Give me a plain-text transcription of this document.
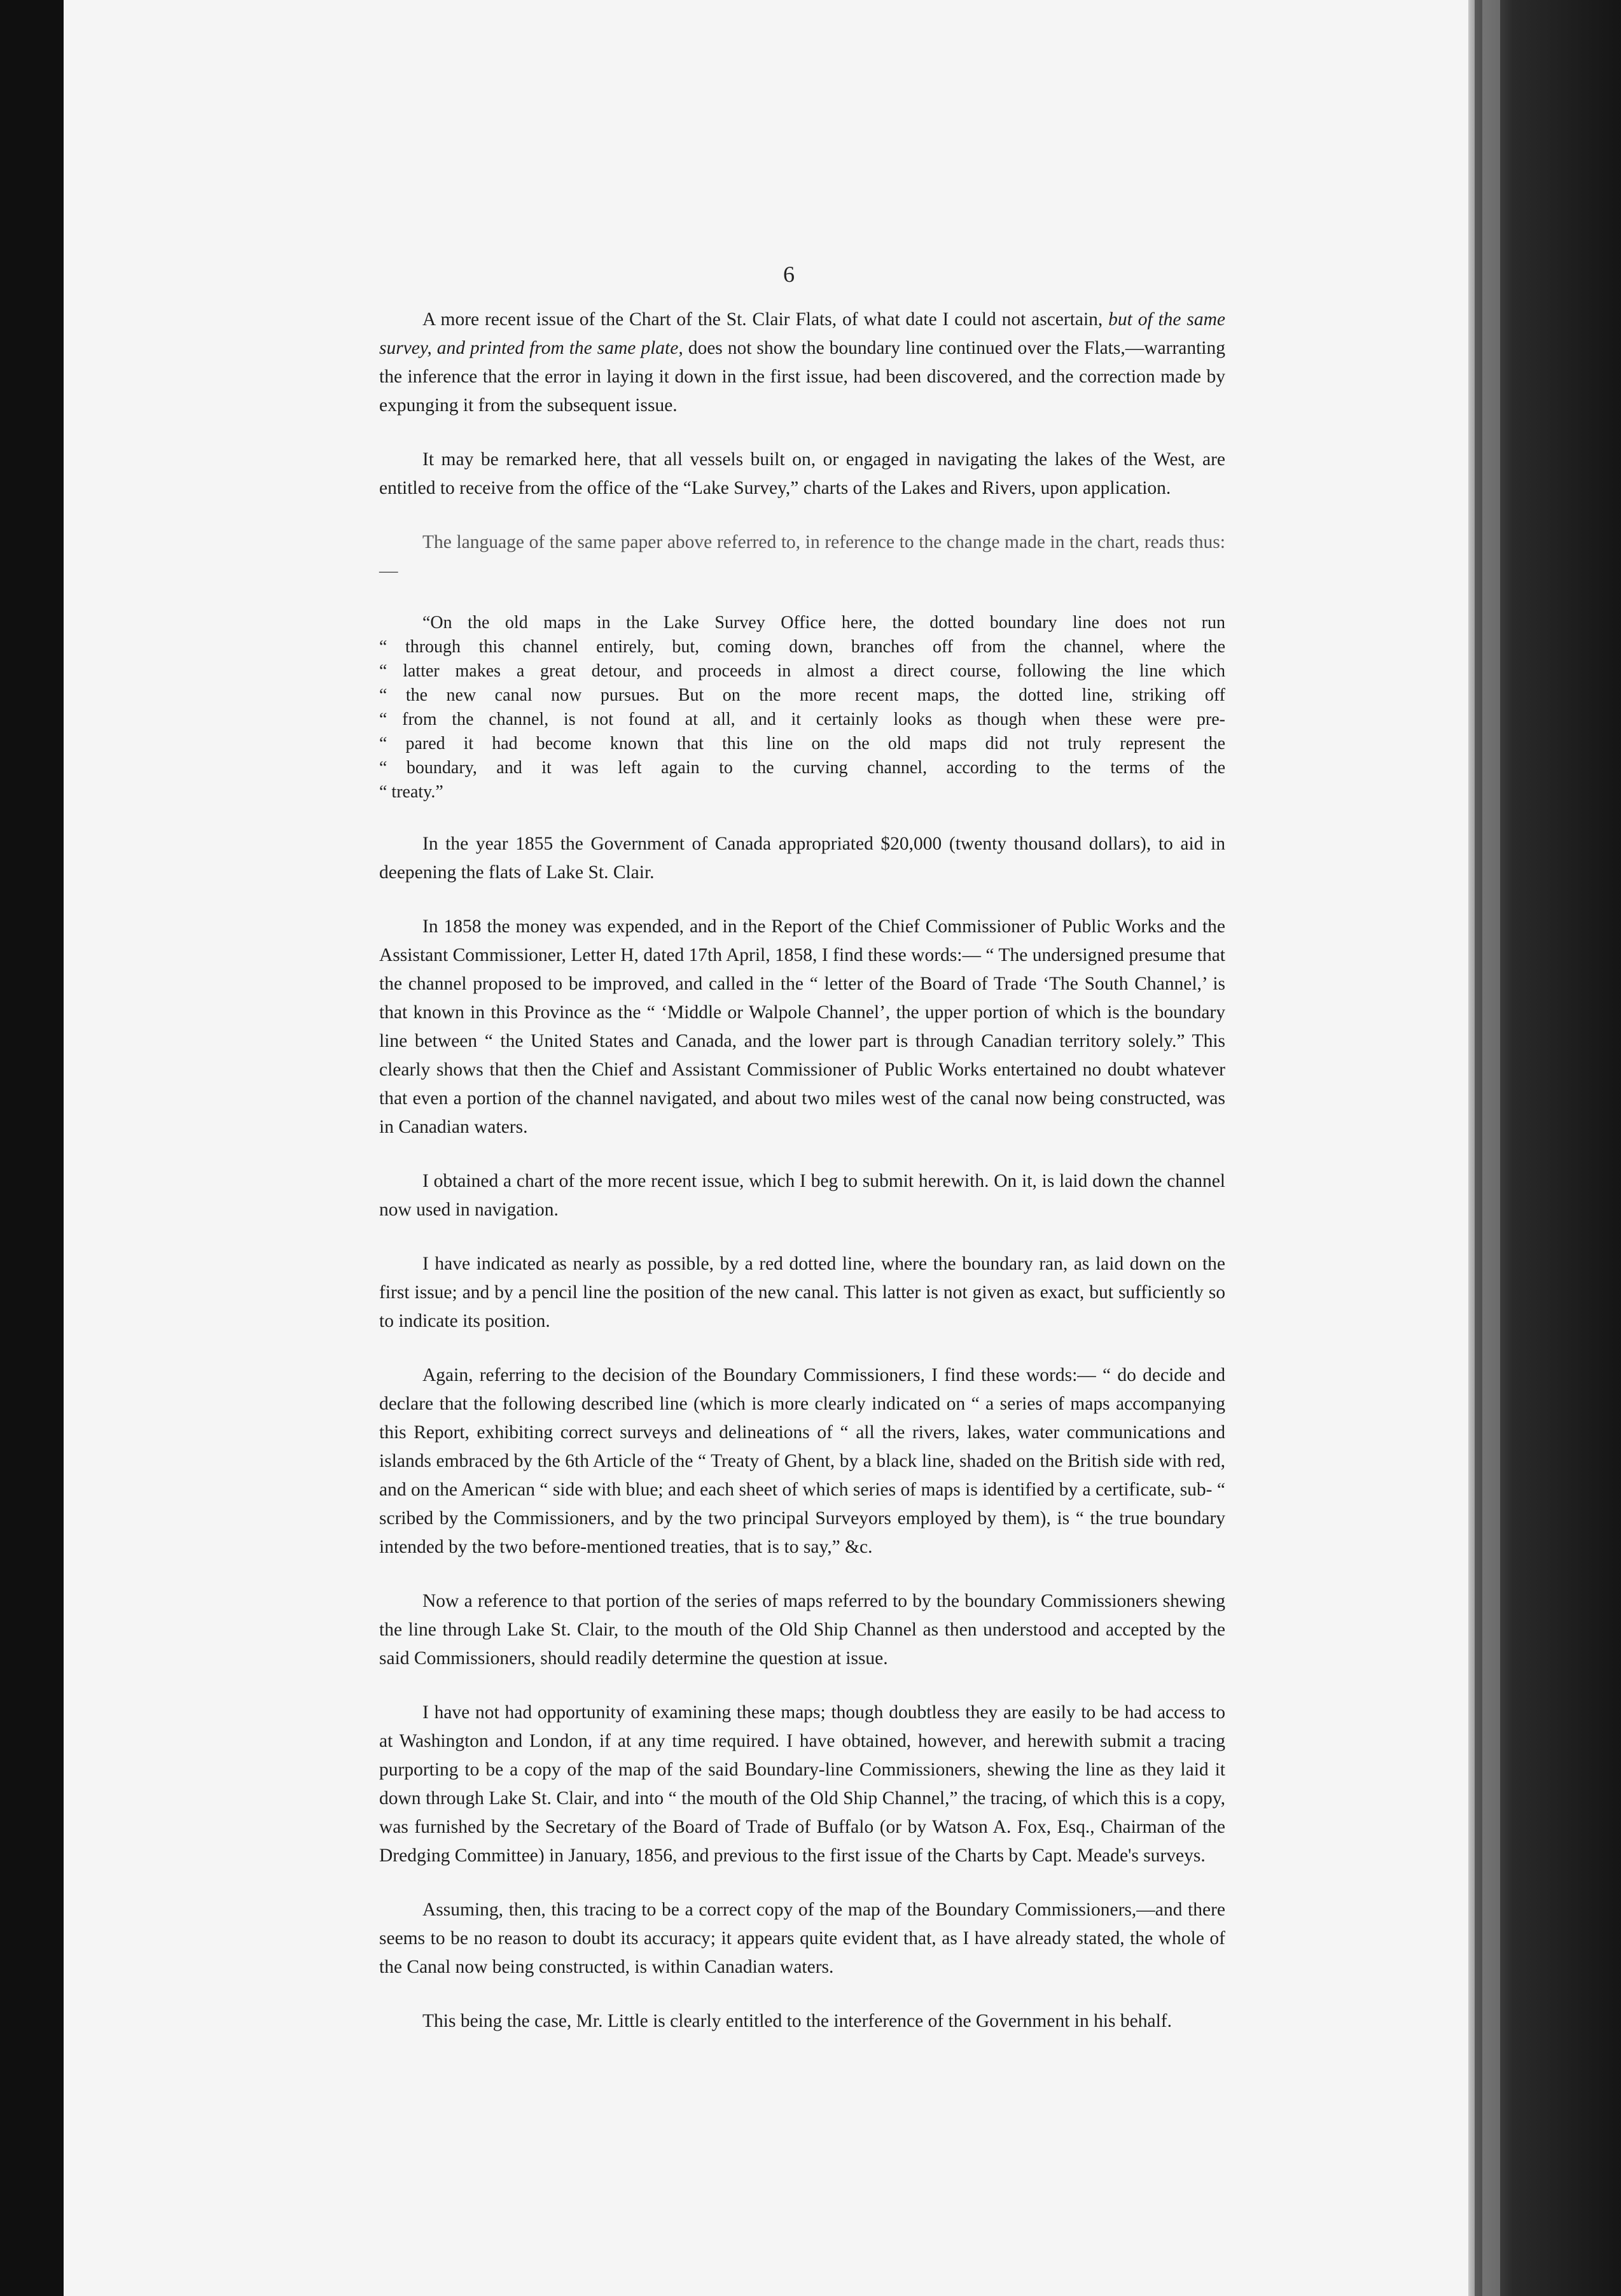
6

A more recent issue of the Chart of the St. Clair Flats, of what date I could not ascertain, but of the same survey, and printed from the same plate, does not show the boundary line continued over the Flats,—warranting the inference that the error in laying it down in the first issue, had been discovered, and the correction made by expunging it from the subsequent issue.

It may be remarked here, that all vessels built on, or engaged in navigating the lakes of the West, are entitled to receive from the office of the “Lake Survey,” charts of the Lakes and Rivers, upon application.

The language of the same paper above referred to, in reference to the change made in the chart, reads thus:—

“On the old maps in the Lake Survey Office here, the dotted boundary line does not run
“ through this channel entirely, but, coming down, branches off from the channel, where the
“ latter makes a great detour, and proceeds in almost a direct course, following the line which
“ the new canal now pursues. But on the more recent maps, the dotted line, striking off
“ from the channel, is not found at all, and it certainly looks as though when these were pre-
“ pared it had become known that this line on the old maps did not truly represent the
“ boundary, and it was left again to the curving channel, according to the terms of the
“ treaty.”

In the year 1855 the Government of Canada appropriated $20,000 (twenty thousand dollars), to aid in deepening the flats of Lake St. Clair.

In 1858 the money was expended, and in the Report of the Chief Commissioner of Public Works and the Assistant Commissioner, Letter H, dated 17th April, 1858, I find these words:— “ The undersigned presume that the channel proposed to be improved, and called in the “ letter of the Board of Trade ‘The South Channel,’ is that known in this Province as the “ ‘Middle or Walpole Channel’, the upper portion of which is the boundary line between “ the United States and Canada, and the lower part is through Canadian territory solely.” This clearly shows that then the Chief and Assistant Commissioner of Public Works entertained no doubt whatever that even a portion of the channel navigated, and about two miles west of the canal now being constructed, was in Canadian waters.

I obtained a chart of the more recent issue, which I beg to submit herewith. On it, is laid down the channel now used in navigation.

I have indicated as nearly as possible, by a red dotted line, where the boundary ran, as laid down on the first issue; and by a pencil line the position of the new canal. This latter is not given as exact, but sufficiently so to indicate its position.

Again, referring to the decision of the Boundary Commissioners, I find these words:— “ do decide and declare that the following described line (which is more clearly indicated on “ a series of maps accompanying this Report, exhibiting correct surveys and delineations of “ all the rivers, lakes, water communications and islands embraced by the 6th Article of the “ Treaty of Ghent, by a black line, shaded on the British side with red, and on the American “ side with blue; and each sheet of which series of maps is identified by a certificate, sub- “ scribed by the Commissioners, and by the two principal Surveyors employed by them), is “ the true boundary intended by the two before-mentioned treaties, that is to say,” &c.

Now a reference to that portion of the series of maps referred to by the boundary Commissioners shewing the line through Lake St. Clair, to the mouth of the Old Ship Channel as then understood and accepted by the said Commissioners, should readily determine the question at issue.

I have not had opportunity of examining these maps; though doubtless they are easily to be had access to at Washington and London, if at any time required. I have obtained, however, and herewith submit a tracing purporting to be a copy of the map of the said Boundary-line Commissioners, shewing the line as they laid it down through Lake St. Clair, and into “ the mouth of the Old Ship Channel,” the tracing, of which this is a copy, was furnished by the Secretary of the Board of Trade of Buffalo (or by Watson A. Fox, Esq., Chairman of the Dredging Committee) in January, 1856, and previous to the first issue of the Charts by Capt. Meade's surveys.

Assuming, then, this tracing to be a correct copy of the map of the Boundary Commissioners,—and there seems to be no reason to doubt its accuracy; it appears quite evident that, as I have already stated, the whole of the Canal now being constructed, is within Canadian waters.

This being the case, Mr. Little is clearly entitled to the interference of the Government in his behalf.
